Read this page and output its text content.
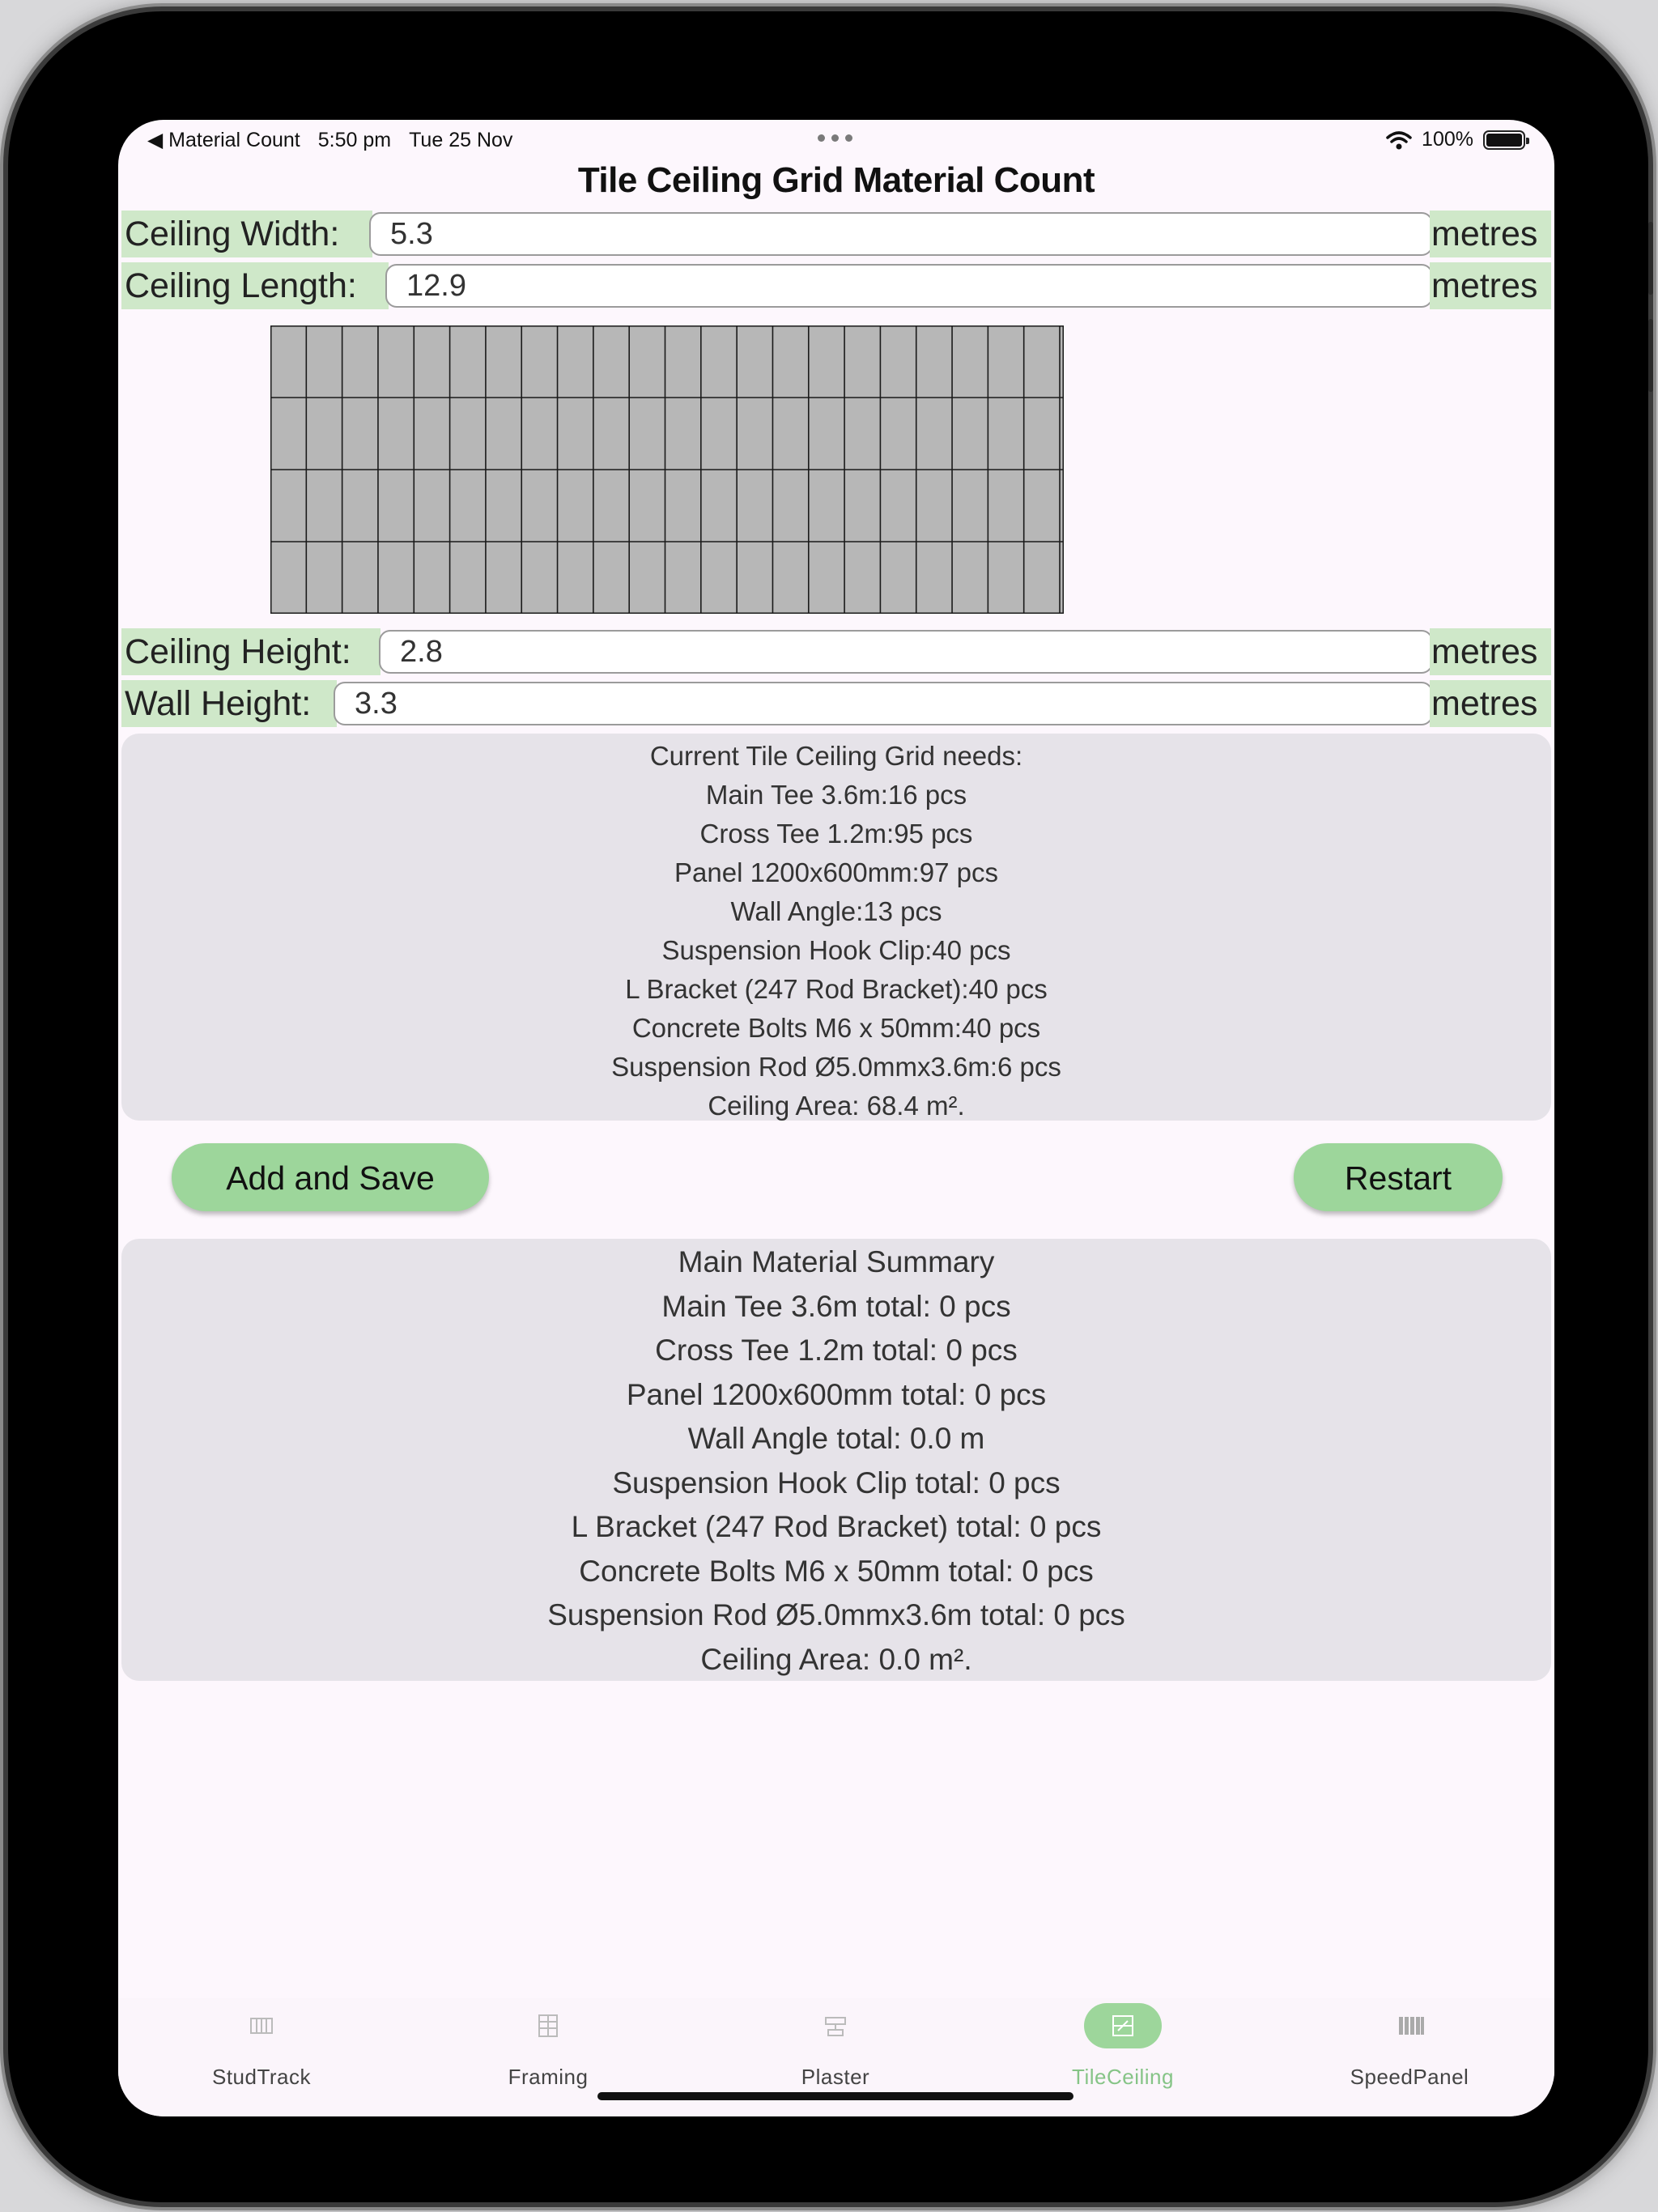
◀ Material Count 5:50 pm Tue 25 Nov	100%
Tile Ceiling Grid Material Count
Ceiling Width:
5.3	metres
Ceiling Length:
12.9	metres
Ceiling Height:
2.8	metres
Wall Height:
3.3	metres
Current Tile Ceiling Grid needs:
Main Tee 3.6m:16 pcs
Cross Tee 1.2m:95 pcs
Panel 1200x600mm:97 pcs
Wall Angle:13 pcs
Suspension Hook Clip:40 pcs
L Bracket (247 Rod Bracket):40 pcs
Concrete Bolts M6 x 50mm:40 pcs
Suspension Rod Ø5.0mmx3.6m:6 pcs
Ceiling Area: 68.4 m².
Add and Save	Restart
Main Material Summary
Main Tee 3.6m total: 0 pcs
Cross Tee 1.2m total: 0 pcs
Panel 1200x600mm total: 0 pcs
Wall Angle total: 0.0 m
Suspension Hook Clip total: 0 pcs
L Bracket (247 Rod Bracket) total: 0 pcs
Concrete Bolts M6 x 50mm total: 0 pcs
Suspension Rod Ø5.0mmx3.6m total: 0 pcs
Ceiling Area: 0.0 m².
StudTrack	Framing	Plaster	TileCeiling	SpeedPanel
